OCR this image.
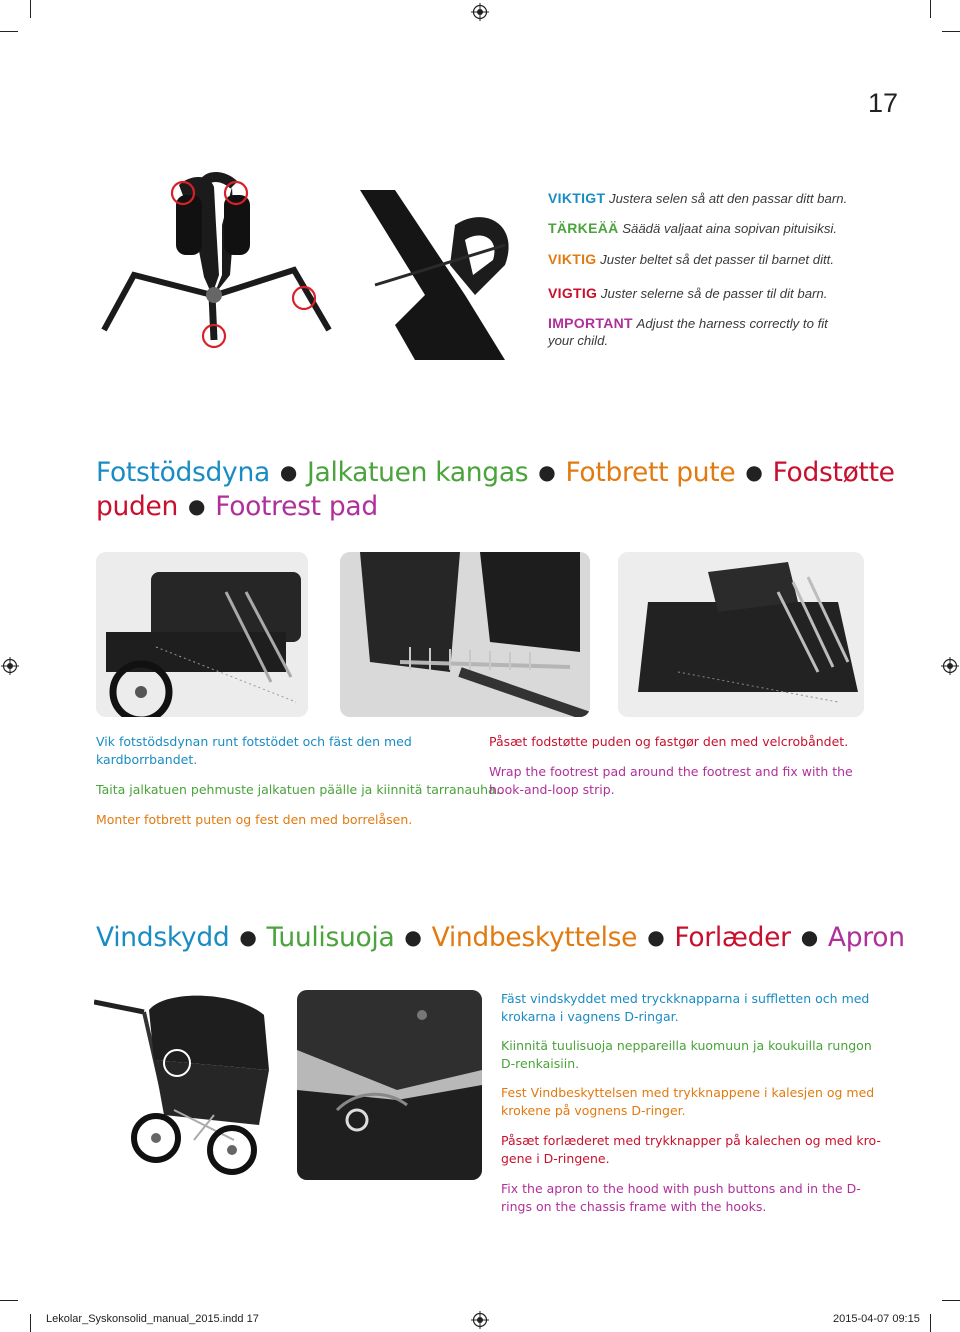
17
VIKTIGT Justera selen så att den passar ditt barn.
TÄRKEÄÄ Säädä valjaat aina sopivan pituisiksi.
VIKTIG Juster beltet så det passer til barnet ditt.
VIGTIG Juster selerne så de passer til dit barn.
IMPORTANT Adjust the harness correctly to fit
your child.
Fotstödsdyna ● Jalkatuen kangas ● Fotbrett pute ● Fodstøtte
puden ● Footrest pad
Vik fotstödsdynan runt fotstödet och fäst den med
kardborrbandet.
Taita jalkatuen pehmuste jalkatuen päälle ja kiinnitä tarranauha..
Monter fotbrett puten og fest den med borrelåsen.
Påsæt fodstøtte puden og fastgør den med velcrobåndet.
Wrap the footrest pad around the footrest and fix with the
hook-and-loop strip.
Vindskydd ● Tuulisuoja ● Vindbeskyttelse ● Forlæder ● Apron
Fäst vindskyddet med tryckknapparna i suffletten och med
krokarna i vagnens D-ringar.
Kiinnitä tuulisuoja neppareilla kuomuun ja koukuilla rungon
D-renkaisiin.
Fest Vindbeskyttelsen med trykknappene i kalesjen og med
krokene på vognens D-ringer.
Påsæt forlæderet med trykknapper på kalechen og med kro-
gene i D-ringene.
Fix the apron to the hood with push buttons and in the D-
rings on the chassis frame with the hooks.
Lekolar_Syskonsolid_manual_2015.indd 17	2015-04-07 09:15
